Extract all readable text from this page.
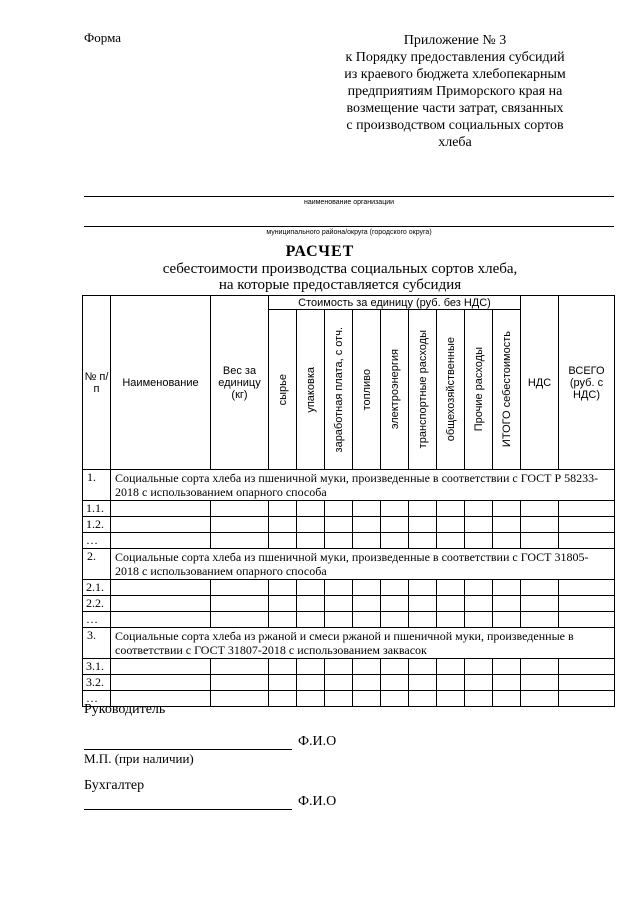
Форма	Приложение № 3
к Порядку предоставления субсидий
из краевого бюджета хлебопекарным
предприятиям Приморского края на
возмещение части затрат, связанных
с производством социальных сортов
хлеба
наименование организации
муниципального района/округа (городского округа)
РАСЧЕТ
себестоимости производства социальных сортов хлеба,
на которые предоставляется субсидия
№ п/п	Наименование	Вес за единицу (кг)	Стоимость за единицу (руб. без НДС)									НДС	ВСЕГО (руб. с НДС)

			сырье	упаковка	заработная плата, с отч.	топливо	электроэнергия	транспортные расходы	общехозяйственные	Прочие расходы	ИТОГО себестоимость		

1.	Социальные сорта хлеба из пшеничной муки, произведенные в соответствии с ГОСТ Р 58233-2018 с использованием опарного способа												
1.1.													
1.2.													
…													
2.	Социальные сорта хлеба из пшеничной муки, произведенные в соответствии с ГОСТ 31805-2018 с использованием опарного способа												
2.1.													
2.2.													
…													
3.	Социальные сорта хлеба из ржаной и смеси ржаной и пшеничной муки, произведенные в соответствии с ГОСТ 31807-2018 с использованием заквасок												
3.1.													
3.2.													
…													
Руководитель
Ф.И.О
М.П. (при наличии)
Бухгалтер
Ф.И.О
